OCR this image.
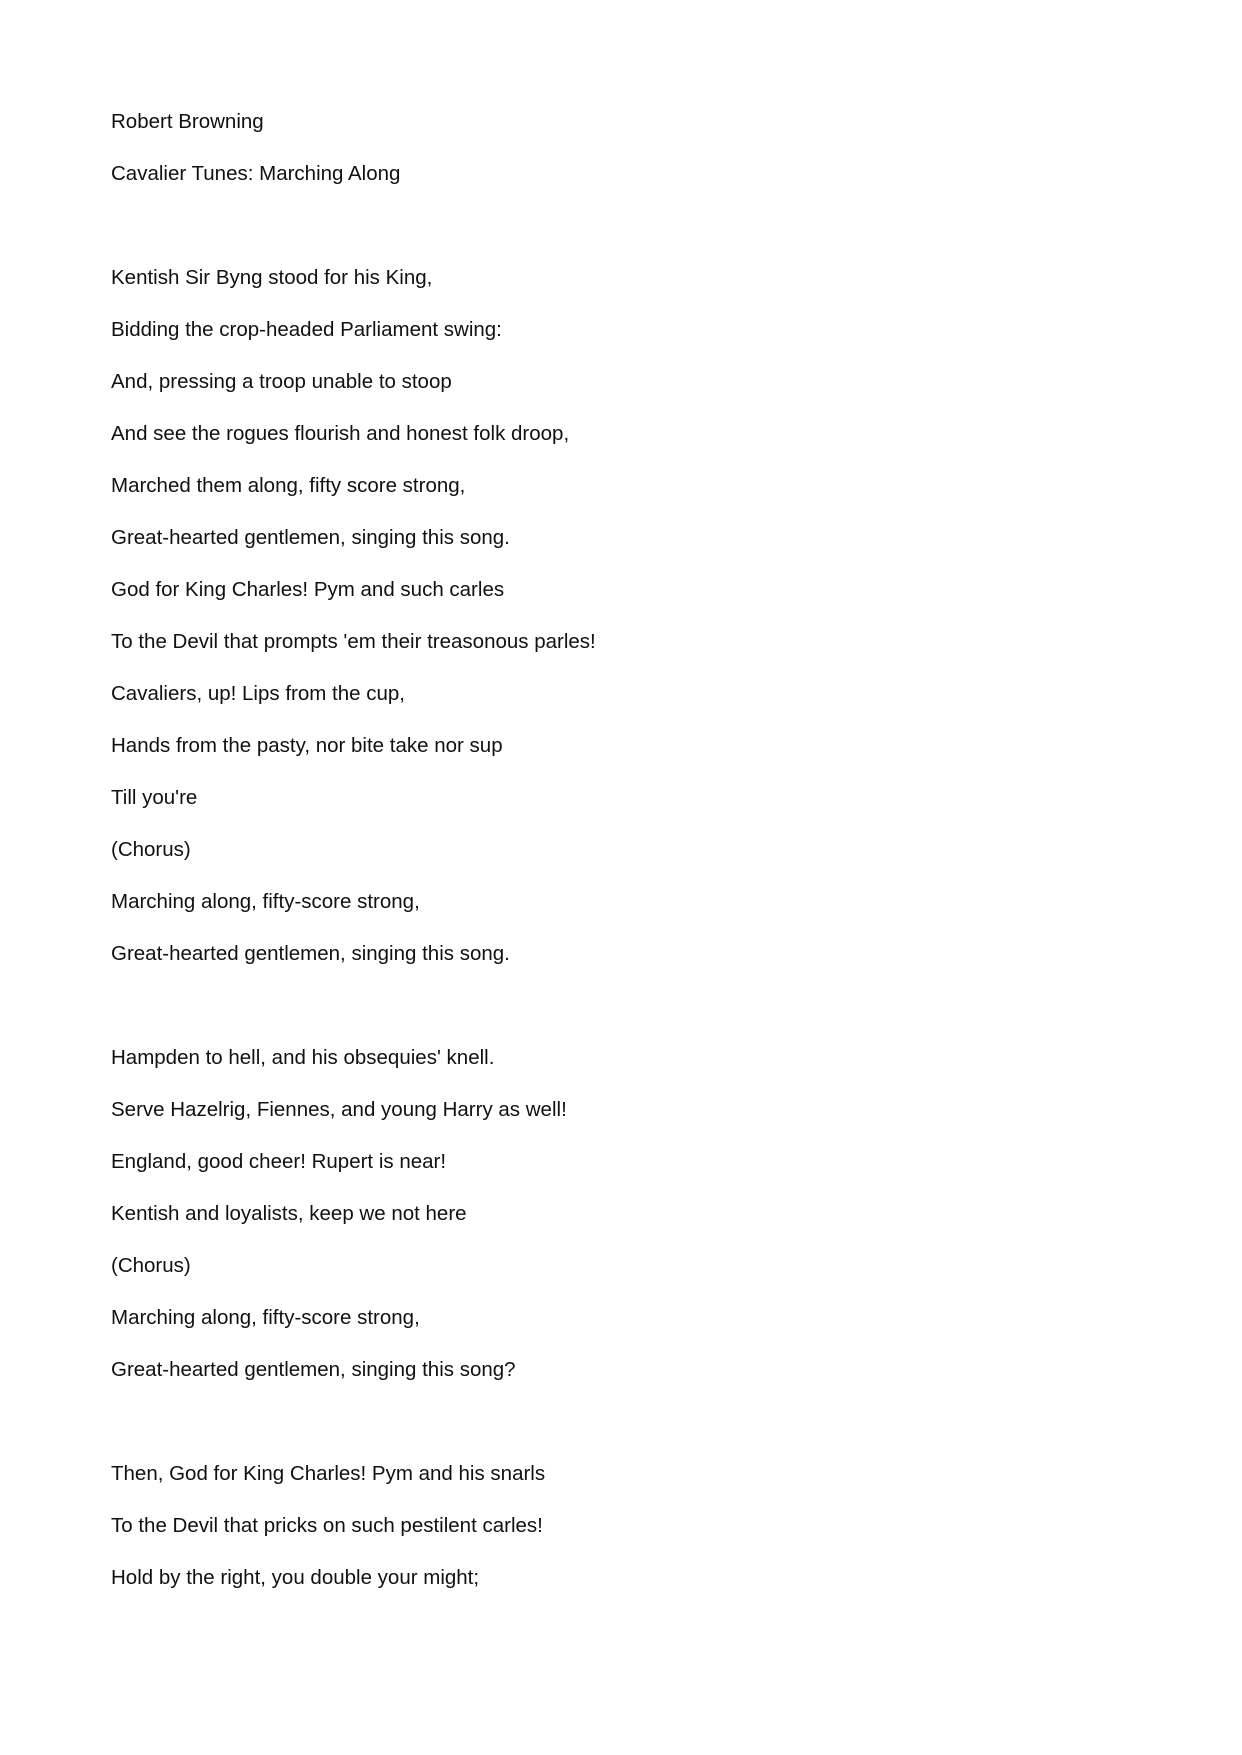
Robert Browning
Cavalier Tunes: Marching Along
Kentish Sir Byng stood for his King,
Bidding the crop-headed Parliament swing:
And, pressing a troop unable to stoop
And see the rogues flourish and honest folk droop,
Marched them along, fifty score strong,
Great-hearted gentlemen, singing this song.
God for King Charles! Pym and such carles
To the Devil that prompts 'em their treasonous parles!
Cavaliers, up! Lips from the cup,
Hands from the pasty, nor bite take nor sup
Till you're
(Chorus)
Marching along, fifty-score strong,
Great-hearted gentlemen, singing this song.
Hampden to hell, and his obsequies' knell.
Serve Hazelrig, Fiennes, and young Harry as well!
England, good cheer! Rupert is near!
Kentish and loyalists, keep we not here
(Chorus)
Marching along, fifty-score strong,
Great-hearted gentlemen, singing this song?
Then, God for King Charles! Pym and his snarls
To the Devil that pricks on such pestilent carles!
Hold by the right, you double your might;
